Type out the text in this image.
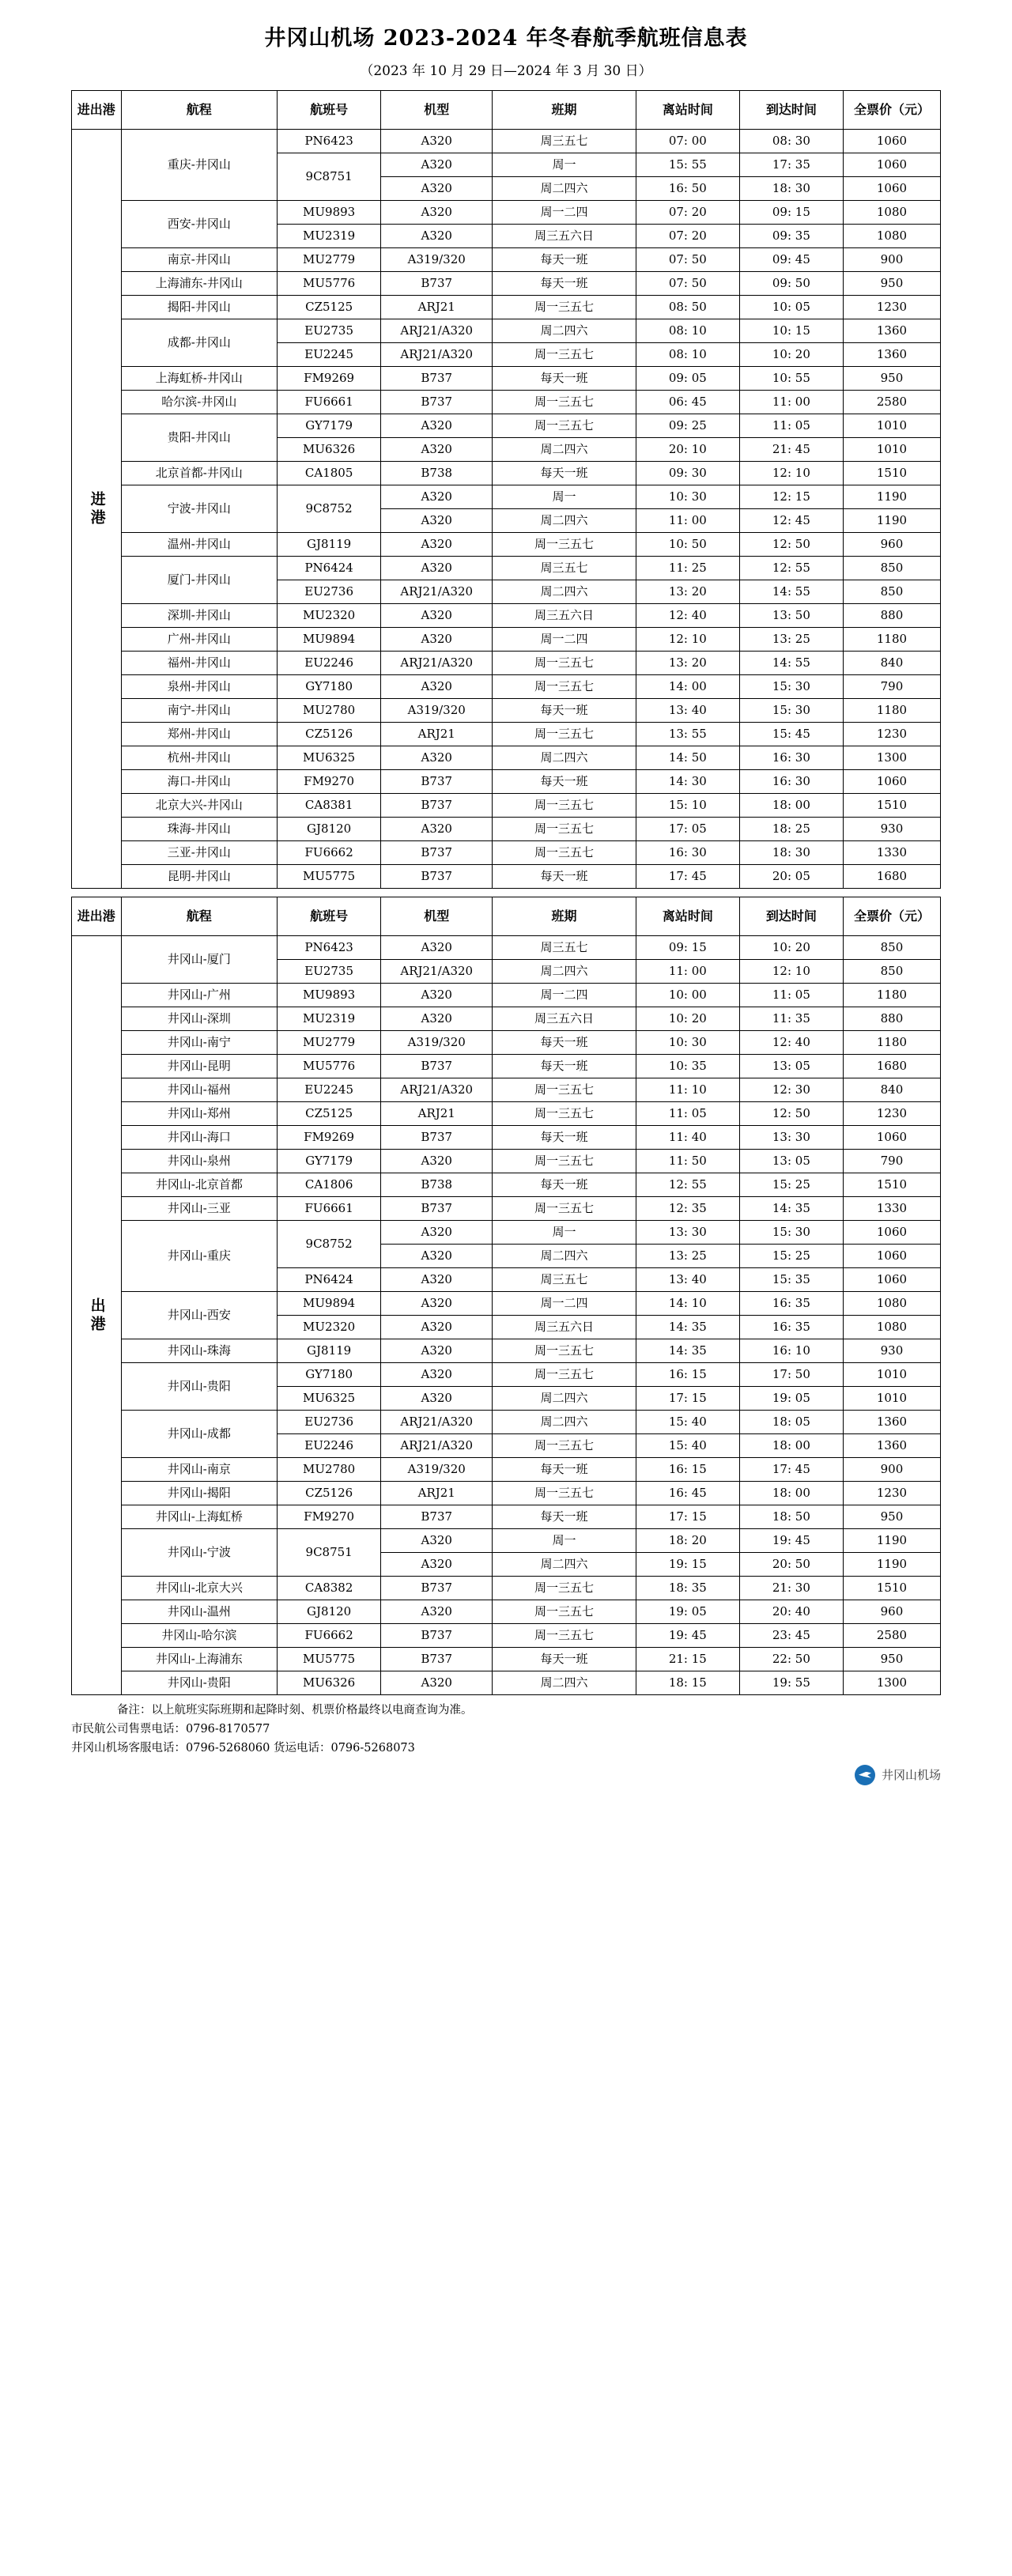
井冈山机场 2023-2024 年冬春航季航班信息表
（2023 年 10 月 29 日—2024 年 3 月 30 日）
进出港	航程	航班号	机型	班期	离站时间	到达时间	全票价（元）

进港	重庆-井冈山	PN6423	A320	周三五七	07: 00	08: 30	1060
		9C8751	A320	周一	15: 55	17: 35	1060
			A320	周二四六	16: 50	18: 30	1060
	西安-井冈山	MU9893	A320	周一二四	07: 20	09: 15	1080
		MU2319	A320	周三五六日	07: 20	09: 35	1080
	南京-井冈山	MU2779	A319/320	每天一班	07: 50	09: 45	900
	上海浦东-井冈山	MU5776	B737	每天一班	07: 50	09: 50	950
	揭阳-井冈山	CZ5125	ARJ21	周一三五七	08: 50	10: 05	1230
	成都-井冈山	EU2735	ARJ21/A320	周二四六	08: 10	10: 15	1360
		EU2245	ARJ21/A320	周一三五七	08: 10	10: 20	1360
	上海虹桥-井冈山	FM9269	B737	每天一班	09: 05	10: 55	950
	哈尔滨-井冈山	FU6661	B737	周一三五七	06: 45	11: 00	2580
	贵阳-井冈山	GY7179	A320	周一三五七	09: 25	11: 05	1010
		MU6326	A320	周二四六	20: 10	21: 45	1010
	北京首都-井冈山	CA1805	B738	每天一班	09: 30	12: 10	1510
	宁波-井冈山	9C8752	A320	周一	10: 30	12: 15	1190
			A320	周二四六	11: 00	12: 45	1190
	温州-井冈山	GJ8119	A320	周一三五七	10: 50	12: 50	960
	厦门-井冈山	PN6424	A320	周三五七	11: 25	12: 55	850
		EU2736	ARJ21/A320	周二四六	13: 20	14: 55	850
	深圳-井冈山	MU2320	A320	周三五六日	12: 40	13: 50	880
	广州-井冈山	MU9894	A320	周一二四	12: 10	13: 25	1180
	福州-井冈山	EU2246	ARJ21/A320	周一三五七	13: 20	14: 55	840
	泉州-井冈山	GY7180	A320	周一三五七	14: 00	15: 30	790
	南宁-井冈山	MU2780	A319/320	每天一班	13: 40	15: 30	1180
	郑州-井冈山	CZ5126	ARJ21	周一三五七	13: 55	15: 45	1230
	杭州-井冈山	MU6325	A320	周二四六	14: 50	16: 30	1300
	海口-井冈山	FM9270	B737	每天一班	14: 30	16: 30	1060
	北京大兴-井冈山	CA8381	B737	周一三五七	15: 10	18: 00	1510
	珠海-井冈山	GJ8120	A320	周一三五七	17: 05	18: 25	930
	三亚-井冈山	FU6662	B737	周一三五七	16: 30	18: 30	1330
	昆明-井冈山	MU5775	B737	每天一班	17: 45	20: 05	1680
进出港	航程	航班号	机型	班期	离站时间	到达时间	全票价（元）

出港	井冈山-厦门	PN6423	A320	周三五七	09: 15	10: 20	850
		EU2735	ARJ21/A320	周二四六	11: 00	12: 10	850
	井冈山-广州	MU9893	A320	周一二四	10: 00	11: 05	1180
	井冈山-深圳	MU2319	A320	周三五六日	10: 20	11: 35	880
	井冈山-南宁	MU2779	A319/320	每天一班	10: 30	12: 40	1180
	井冈山-昆明	MU5776	B737	每天一班	10: 35	13: 05	1680
	井冈山-福州	EU2245	ARJ21/A320	周一三五七	11: 10	12: 30	840
	井冈山-郑州	CZ5125	ARJ21	周一三五七	11: 05	12: 50	1230
	井冈山-海口	FM9269	B737	每天一班	11: 40	13: 30	1060
	井冈山-泉州	GY7179	A320	周一三五七	11: 50	13: 05	790
	井冈山-北京首都	CA1806	B738	每天一班	12: 55	15: 25	1510
	井冈山-三亚	FU6661	B737	周一三五七	12: 35	14: 35	1330
	井冈山-重庆	9C8752	A320	周一	13: 30	15: 30	1060
			A320	周二四六	13: 25	15: 25	1060
		PN6424	A320	周三五七	13: 40	15: 35	1060
	井冈山-西安	MU9894	A320	周一二四	14: 10	16: 35	1080
		MU2320	A320	周三五六日	14: 35	16: 35	1080
	井冈山-珠海	GJ8119	A320	周一三五七	14: 35	16: 10	930
	井冈山-贵阳	GY7180	A320	周一三五七	16: 15	17: 50	1010
		MU6325	A320	周二四六	17: 15	19: 05	1010
	井冈山-成都	EU2736	ARJ21/A320	周二四六	15: 40	18: 05	1360
		EU2246	ARJ21/A320	周一三五七	15: 40	18: 00	1360
	井冈山-南京	MU2780	A319/320	每天一班	16: 15	17: 45	900
	井冈山-揭阳	CZ5126	ARJ21	周一三五七	16: 45	18: 00	1230
	井冈山-上海虹桥	FM9270	B737	每天一班	17: 15	18: 50	950
	井冈山-宁波	9C8751	A320	周一	18: 20	19: 45	1190
			A320	周二四六	19: 15	20: 50	1190
	井冈山-北京大兴	CA8382	B737	周一三五七	18: 35	21: 30	1510
	井冈山-温州	GJ8120	A320	周一三五七	19: 05	20: 40	960
	井冈山-哈尔滨	FU6662	B737	周一三五七	19: 45	23: 45	2580
	井冈山-上海浦东	MU5775	B737	每天一班	21: 15	22: 50	950
	井冈山-贵阳	MU6326	A320	周二四六	18: 15	19: 55	1300
备注：以上航班实际班期和起降时刻、机票价格最终以电商查询为准。
市民航公司售票电话：0796-8170577
井冈山机场客服电话：0796-5268060 货运电话：0796-5268073
井冈山机场
